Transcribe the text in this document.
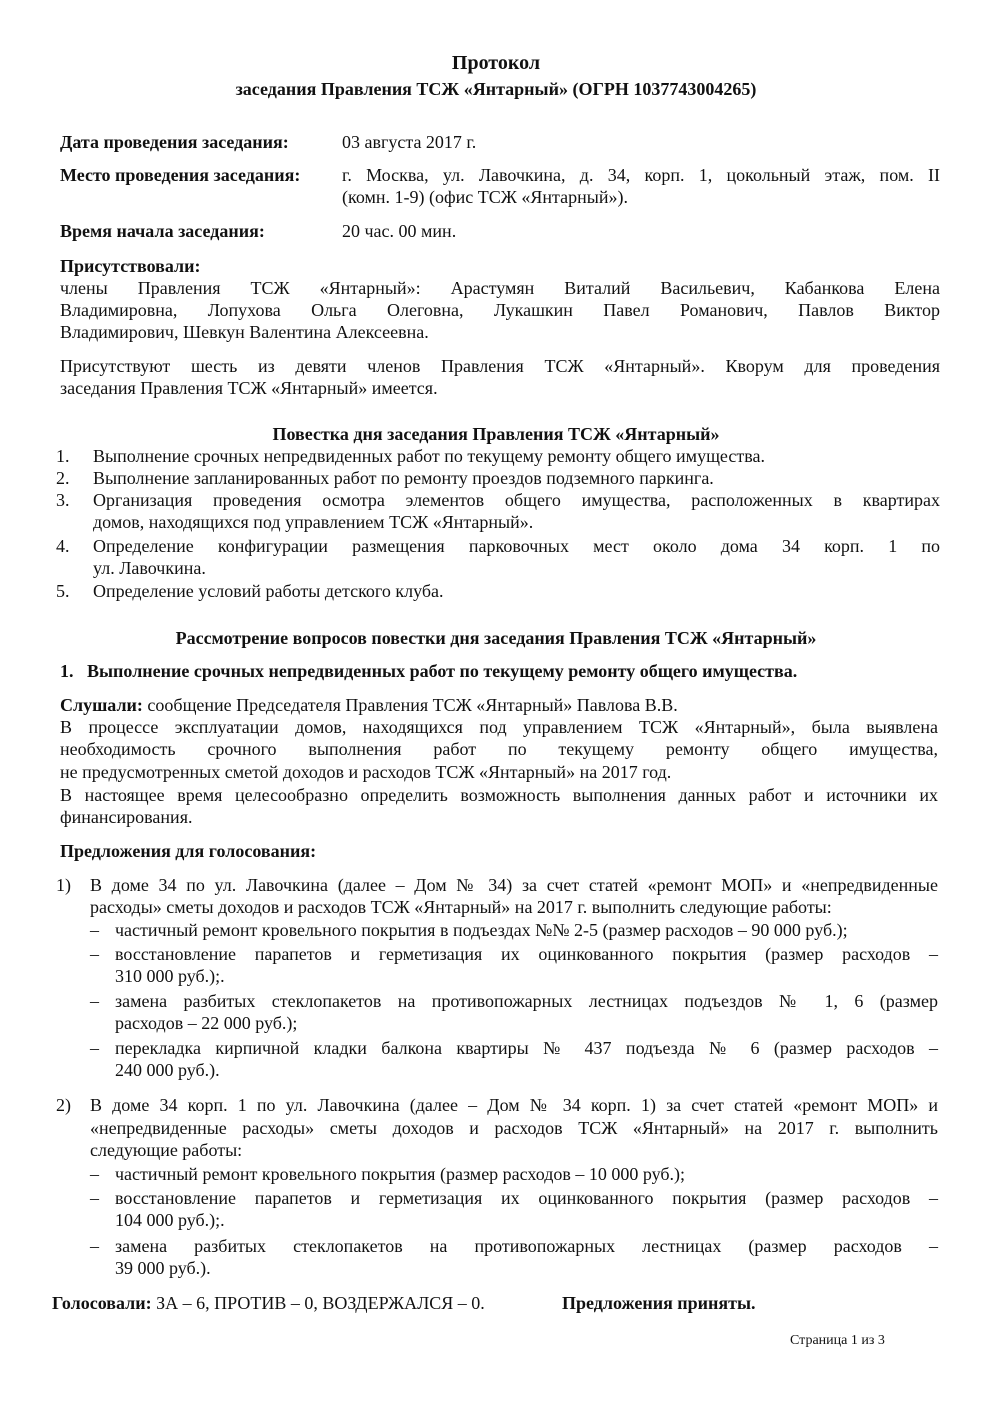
Протокол
заседания Правления ТСЖ «Янтарный» (ОГРН 1037743004265)
Дата проведения заседания:	03 августа 2017 г.
Место проведения заседания: г. Москва, ул. Лавочкина, д. 34, корп. 1, цокольный этаж, пом. II
(комн. 1-9) (офис ТСЖ «Янтарный»).
Время начала заседания:	20 час. 00 мин.
Присутствовали:
члены Правления ТСЖ «Янтарный»: Арастумян Виталий Васильевич, Кабанкова Елена
Владимировна, Лопухова Ольга Олеговна, Лукашкин Павел Романович, Павлов Виктор
Владимирович, Шевкун Валентина Алексеевна.
Присутствуют шесть из девяти членов Правления ТСЖ «Янтарный». Кворум для проведения
заседания Правления ТСЖ «Янтарный» имеется.
Повестка дня заседания Правления ТСЖ «Янтарный»
1. Выполнение срочных непредвиденных работ по текущему ремонту общего имущества.
2. Выполнение запланированных работ по ремонту проездов подземного паркинга.
3. Организация проведения осмотра элементов общего имущества, расположенных в квартирах
домов, находящихся под управлением ТСЖ «Янтарный».
4. Определение конфигурации размещения парковочных мест около дома 34 корп. 1 по
ул. Лавочкина.
5. Определение условий работы детского клуба.
Рассмотрение вопросов повестки дня заседания Правления ТСЖ «Янтарный»
1.   Выполнение срочных непредвиденных работ по текущему ремонту общего имущества.
Слушали: сообщение Председателя Правления ТСЖ «Янтарный» Павлова В.В.
В процессе эксплуатации домов, находящихся под управлением ТСЖ «Янтарный», была выявлена
необходимость срочного выполнения работ по текущему ремонту общего имущества,
не предусмотренных сметой доходов и расходов ТСЖ «Янтарный» на 2017 год.
В настоящее время целесообразно определить возможность выполнения данных работ и источники их
финансирования.
Предложения для голосования:
1) В доме 34 по ул. Лавочкина (далее – Дом № 34) за счет статей «ремонт МОП» и «непредвиденные
расходы» сметы доходов и расходов ТСЖ «Янтарный» на 2017 г. выполнить следующие работы:
– частичный ремонт кровельного покрытия в подъездах №№ 2-5 (размер расходов – 90 000 руб.);
– восстановление парапетов и герметизация их оцинкованного покрытия (размер расходов –
310 000 руб.);.
– замена разбитых стеклопакетов на противопожарных лестницах подъездов № 1, 6 (размер
расходов – 22 000 руб.);
– перекладка кирпичной кладки балкона квартиры № 437 подъезда № 6 (размер расходов –
240 000 руб.).
2) В доме 34 корп. 1 по ул. Лавочкина (далее – Дом № 34 корп. 1) за счет статей «ремонт МОП» и
«непредвиденные расходы» сметы доходов и расходов ТСЖ «Янтарный» на 2017 г. выполнить
следующие работы:
– частичный ремонт кровельного покрытия (размер расходов – 10 000 руб.);
– восстановление парапетов и герметизация их оцинкованного покрытия (размер расходов –
104 000 руб.);.
– замена разбитых стеклопакетов на противопожарных лестницах (размер расходов –
39 000 руб.).
Голосовали: ЗА – 6, ПРОТИВ – 0, ВОЗДЕРЖАЛСЯ – 0.	Предложения приняты.
Страница 1 из 3
